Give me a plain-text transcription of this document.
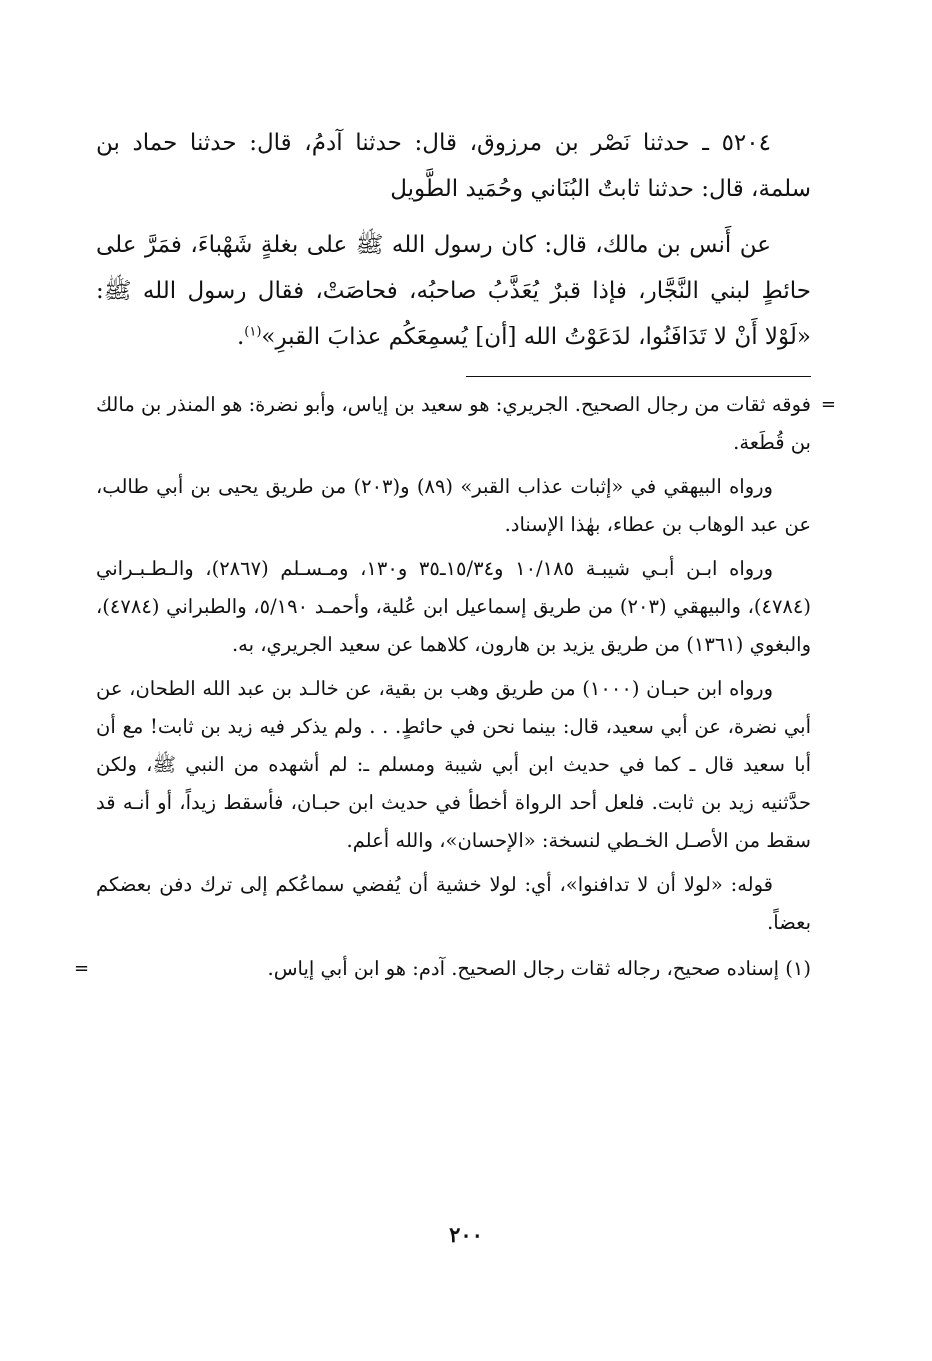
٥٢٠٤ ـ حدثنا نَصْر بن مرزوق، قال: حدثنا آدمُ، قال: حدثنا حماد بن سلمة، قال: حدثنا ثابتٌ البُنَاني وحُمَيد الطَّويل

عن أَنس بن مالك، قال: كان رسول الله ﷺ على بغلةٍ شَهْباءَ، فمَرَّ على حائطٍ لبني النَّجَّار، فإذا قبرٌ يُعَذَّبُ صاحبُه، فحاصَتْ، فقال رسول الله ﷺ: «لَوْلا أَنْ لا تَدَافَنُوا، لدَعَوْتُ الله [أن] يُسمِعَكُم عذابَ القبرِ»$^{(١)}$.

=
فوقه ثقات من رجال الصحيح. الجريري: هو سعيد بن إياس، وأبو نضرة: هو المنذر بن مالك بن قُطَعة.

ورواه البيهقي في «إثبات عذاب القبر» (٨٩) و(٢٠٣) من طريق يحيى بن أبي طالب، عن عبد الوهاب بن عطاء، بهٰذا الإسناد.

ورواه ابـن أبـي شيبـة ١٠/١٨٥ و١٥/٣٤ـ٣٥ و١٣٠، ومـسـلم (٢٨٦٧)، والـطـبـراني (٤٧٨٤)، والبيهقي (٢٠٣) من طريق إسماعيل ابن عُلية، وأحمـد ٥/١٩٠، والطبراني (٤٧٨٤)، والبغوي (١٣٦١) من طريق يزيد بن هارون، كلاهما عن سعيد الجريري، به.

ورواه ابن حبـان (١٠٠٠) من طريق وهب بن بقية، عن خالـد بن عبد الله الطحان، عن أبي نضرة، عن أبي سعيد، قال: بينما نحن في حائطٍ. . . ولم يذكر فيه زيد بن ثابت! مع أن أبا سعيد قال ـ كما في حديث ابن أبي شيبة ومسلم ـ: لم أشهده من النبي ﷺ، ولكن حدَّثنيه زيد بن ثابت. فلعل أحد الرواة أخطأ في حديث ابن حبـان، فأسقط زيداً، أو أنـه قد سقط من الأصـل الخـطي لنسخة: «الإحسان»، والله أعلم.

قوله: «لولا أن لا تدافنوا»، أي: لولا خشية أن يُفضي سماعُكم إلى ترك دفن بعضكم بعضاً.

(١) إسناده صحيح، رجاله ثقات رجال الصحيح. آدم: هو ابن أبي إياس.
=

٢٠٠
